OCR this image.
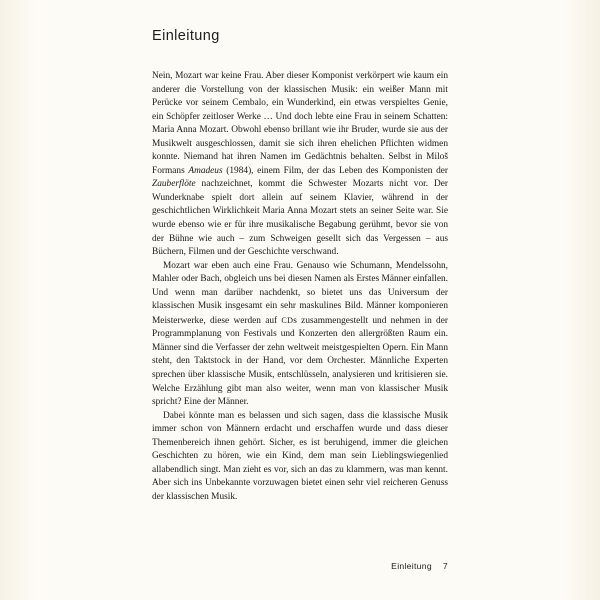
Einleitung

Nein, Mozart war keine Frau. Aber dieser Komponist verkörpert wie kaum ein anderer die Vorstellung von der klassischen Musik: ein weißer Mann mit Perücke vor seinem Cembalo, ein Wunderkind, ein etwas verspieltes Genie, ein Schöpfer zeitloser Werke … Und doch lebte eine Frau in seinem Schatten: Maria Anna Mozart. Obwohl ebenso brillant wie ihr Bruder, wurde sie aus der Musikwelt ausgeschlossen, damit sie sich ihren ehelichen Pflichten widmen konnte. Niemand hat ihren Namen im Gedächtnis behalten. Selbst in Miloš Formans Amadeus (1984), einem Film, der das Leben des Komponisten der Zauberflöte nachzeichnet, kommt die Schwester Mozarts nicht vor. Der Wunderknabe spielt dort allein auf seinem Klavier, während in der geschichtlichen Wirklichkeit Maria Anna Mozart stets an seiner Seite war. Sie wurde ebenso wie er für ihre musikalische Begabung gerühmt, bevor sie von der Bühne wie auch – zum Schweigen gesellt sich das Vergessen – aus Büchern, Filmen und der Geschichte verschwand.

Mozart war eben auch eine Frau. Genauso wie Schumann, Mendelssohn, Mahler oder Bach, obgleich uns bei diesen Namen als Erstes Männer einfallen. Und wenn man darüber nachdenkt, so bietet uns das Universum der klassischen Musik insgesamt ein sehr maskulines Bild. Männer komponieren Meisterwerke, diese werden auf CDs zusammengestellt und nehmen in der Programmplanung von Festivals und Konzerten den allergrößten Raum ein. Männer sind die Verfasser der zehn weltweit meistgespielten Opern. Ein Mann steht, den Taktstock in der Hand, vor dem Orchester. Männliche Experten sprechen über klassische Musik, entschlüsseln, analysieren und kritisieren sie. Welche Erzählung gibt man also weiter, wenn man von klassischer Musik spricht? Eine der Männer.

Dabei könnte man es belassen und sich sagen, dass die klassische Musik immer schon von Männern erdacht und erschaffen wurde und dass dieser Themenbereich ihnen gehört. Sicher, es ist beruhigend, immer die gleichen Geschichten zu hören, wie ein Kind, dem man sein Lieblingswiegenlied allabendlich singt. Man zieht es vor, sich an das zu klammern, was man kennt. Aber sich ins Unbekannte vorzuwagen bietet einen sehr viel reicheren Genuss der klassischen Musik.

Einleitung 7
